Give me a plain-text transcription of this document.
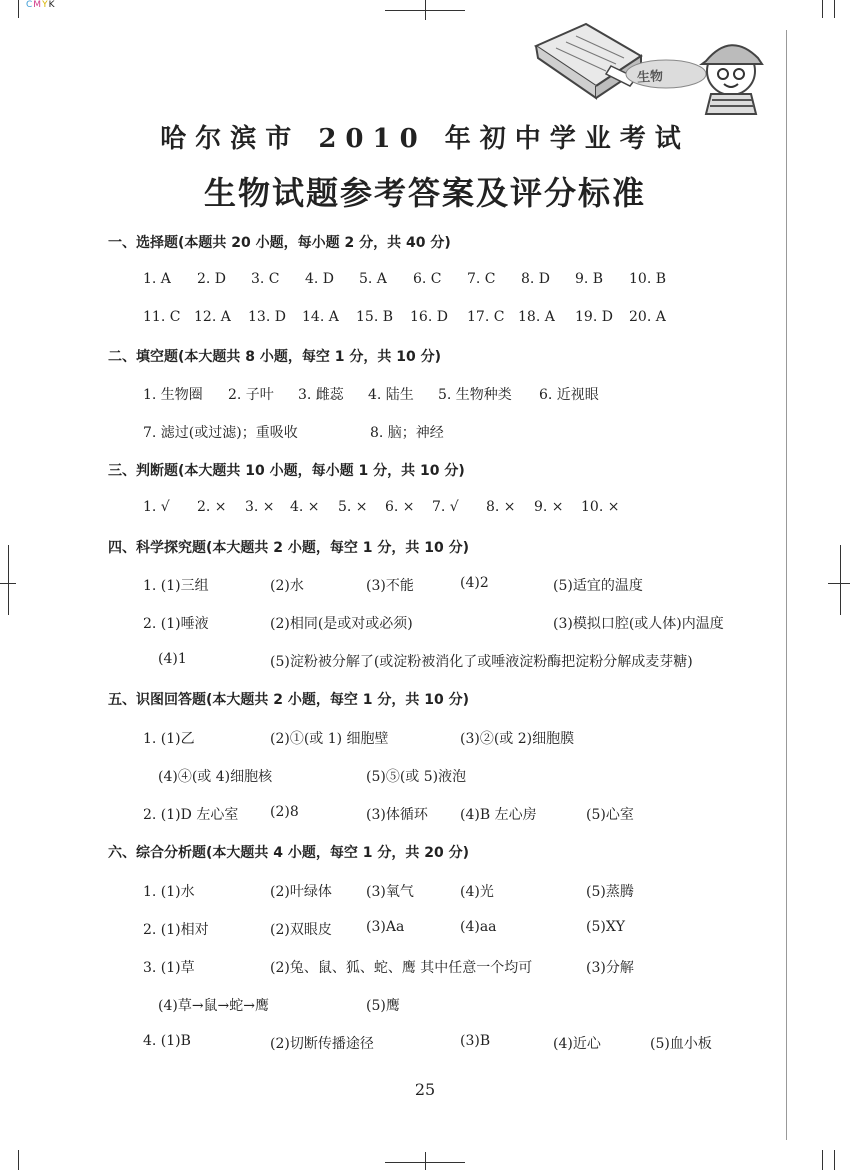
CMYK
生物
哈尔滨市 2010 年初中学业考试
生物试题参考答案及评分标准
一、选择题(本题共 20 小题，每小题 2 分，共 40 分)
1. A 2. D 3. C 4. D 5. A 6. C 7. C 8. D 9. B 10. B
11. C 12. A 13. D 14. A 15. B 16. D 17. C 18. A 19. D 20. A
二、填空题(本大题共 8 小题，每空 1 分，共 10 分)
1. 生物圈 2. 子叶 3. 雌蕊 4. 陆生 5. 生物种类 6. 近视眼
7. 滤过(或过滤)；重吸收	8. 脑；神经
三、判断题(本大题共 10 小题，每小题 1 分，共 10 分)
1. √ 2. × 3. × 4. × 5. × 6. × 7. √ 8. × 9. × 10. ×
四、科学探究题(本大题共 2 小题，每空 1 分，共 10 分)
1. (1)三组	(2)水	(3)不能	(4)2	(5)适宜的温度
2. (1)唾液	(2)相同(是或对或必须)	(3)模拟口腔(或人体)内温度
(4)1	(5)淀粉被分解了(或淀粉被消化了或唾液淀粉酶把淀粉分解成麦芽糖)
五、识图回答题(本大题共 2 小题，每空 1 分，共 10 分)
1. (1)乙	(2)①(或 1) 细胞壁	(3)②(或 2)细胞膜
(4)④(或 4)细胞核	(5)⑤(或 5)液泡
2. (1)D 左心室 (2)8	(3)体循环 (4)B 左心房	(5)心室
六、综合分析题(本大题共 4 小题，每空 1 分，共 20 分)
1. (1)水	(2)叶绿体 (3)氧气	(4)光	(5)蒸腾
2. (1)相对	(2)双眼皮 (3)Aa	(4)aa	(5)XY
3. (1)草	(2)兔、鼠、狐、蛇、鹰 其中任意一个均可	(3)分解
(4)草→鼠→蛇→鹰	(5)鹰
4. (1)B	(2)切断传播途径	(3)B	(4)近心	(5)血小板
25
